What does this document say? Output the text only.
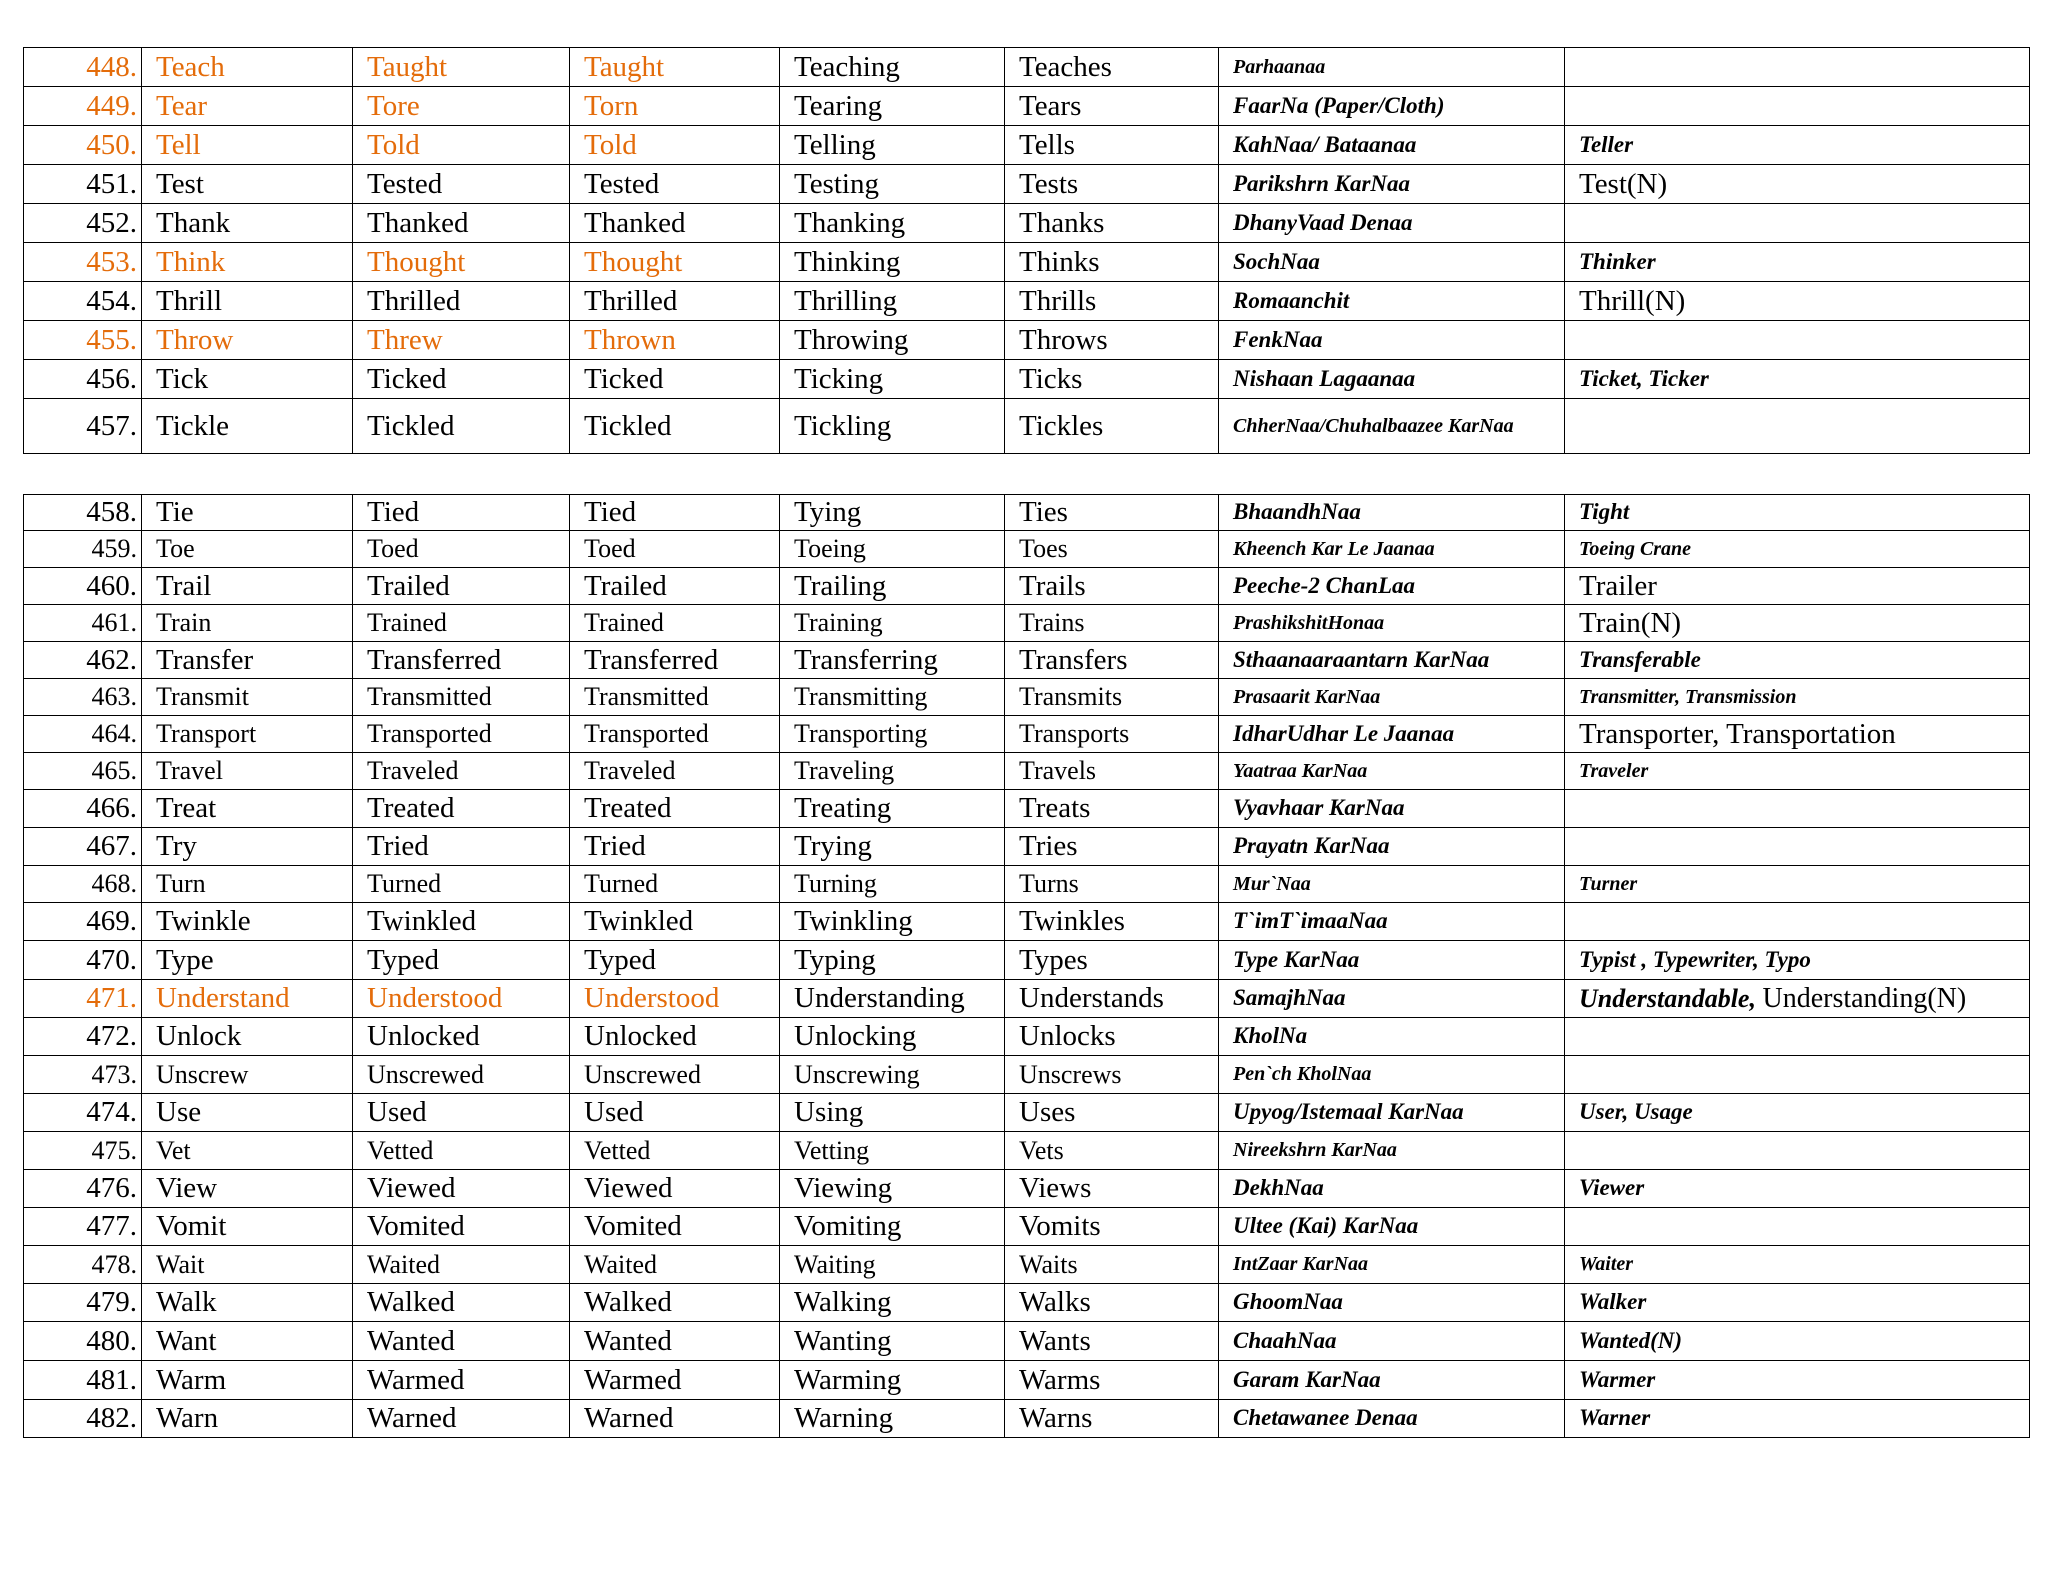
448.	Teach	Taught	Taught	Teaching	Teaches	Parhaanaa	
449.	Tear	Tore	Torn	Tearing	Tears	FaarNa (Paper/Cloth)	
450.	Tell	Told	Told	Telling	Tells	KahNaa/ Bataanaa	Teller
451.	Test	Tested	Tested	Testing	Tests	Parikshrn KarNaa	Test(N)
452.	Thank	Thanked	Thanked	Thanking	Thanks	DhanyVaad Denaa	
453.	Think	Thought	Thought	Thinking	Thinks	SochNaa	Thinker
454.	Thrill	Thrilled	Thrilled	Thrilling	Thrills	Romaanchit	Thrill(N)
455.	Throw	Threw	Thrown	Throwing	Throws	FenkNaa	
456.	Tick	Ticked	Ticked	Ticking	Ticks	Nishaan Lagaanaa	Ticket, Ticker
457.	Tickle	Tickled	Tickled	Tickling	Tickles	ChherNaa/Chuhalbaazee KarNaa	
458.	Tie	Tied	Tied	Tying	Ties	BhaandhNaa	Tight
459.	Toe	Toed	Toed	Toeing	Toes	Kheench Kar Le Jaanaa	Toeing Crane
460.	Trail	Trailed	Trailed	Trailing	Trails	Peeche-2 ChanLaa	Trailer
461.	Train	Trained	Trained	Training	Trains	PrashikshitHonaa	Train(N)
462.	Transfer	Transferred	Transferred	Transferring	Transfers	Sthaanaaraantarn KarNaa	Transferable
463.	Transmit	Transmitted	Transmitted	Transmitting	Transmits	Prasaarit KarNaa	Transmitter, Transmission
464.	Transport	Transported	Transported	Transporting	Transports	IdharUdhar Le Jaanaa	Transporter, Transportation
465.	Travel	Traveled	Traveled	Traveling	Travels	Yaatraa KarNaa	Traveler
466.	Treat	Treated	Treated	Treating	Treats	Vyavhaar KarNaa	
467.	Try	Tried	Tried	Trying	Tries	Prayatn KarNaa	
468.	Turn	Turned	Turned	Turning	Turns	Mur`Naa	Turner
469.	Twinkle	Twinkled	Twinkled	Twinkling	Twinkles	T`imT`imaaNaa	
470.	Type	Typed	Typed	Typing	Types	Type KarNaa	Typist , Typewriter, Typo
471.	Understand	Understood	Understood	Understanding	Understands	SamajhNaa	Understandable, Understanding(N)
472.	Unlock	Unlocked	Unlocked	Unlocking	Unlocks	KholNa	
473.	Unscrew	Unscrewed	Unscrewed	Unscrewing	Unscrews	Pen`ch KholNaa	
474.	Use	Used	Used	Using	Uses	Upyog/Istemaal KarNaa	User, Usage
475.	Vet	Vetted	Vetted	Vetting	Vets	Nireekshrn KarNaa	
476.	View	Viewed	Viewed	Viewing	Views	DekhNaa	Viewer
477.	Vomit	Vomited	Vomited	Vomiting	Vomits	Ultee (Kai) KarNaa	
478.	Wait	Waited	Waited	Waiting	Waits	IntZaar KarNaa	Waiter
479.	Walk	Walked	Walked	Walking	Walks	GhoomNaa	Walker
480.	Want	Wanted	Wanted	Wanting	Wants	ChaahNaa	Wanted(N)
481.	Warm	Warmed	Warmed	Warming	Warms	Garam KarNaa	Warmer
482.	Warn	Warned	Warned	Warning	Warns	Chetawanee Denaa	Warner
